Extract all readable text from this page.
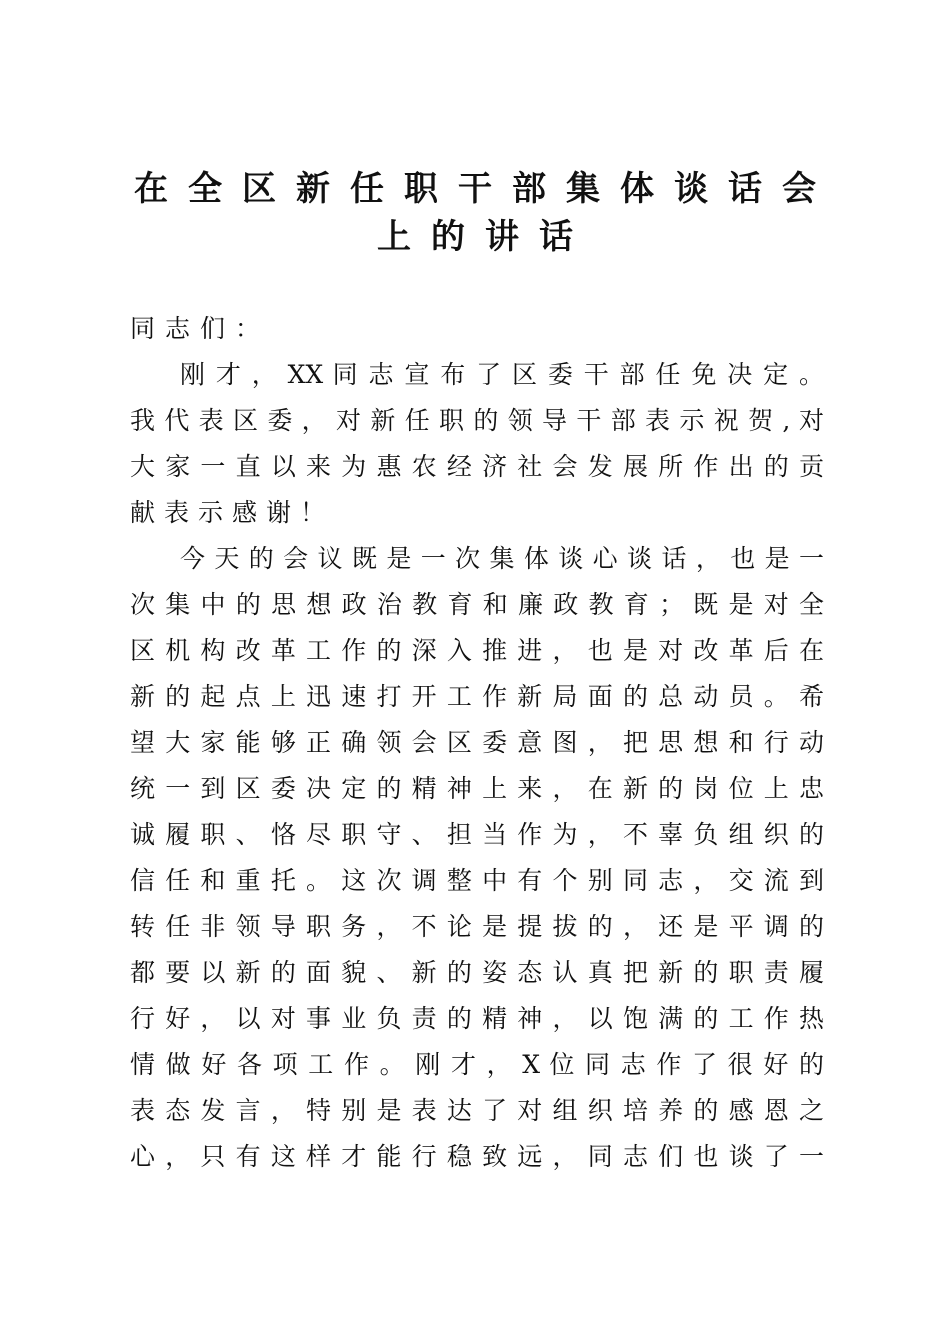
在全区新任职干部集体谈话会
上的讲话
同志们：
刚 才 ， XX 同 志 宣 布 了 区 委 干 部 任 免 决 定 。
我 代 表 区 委 ， 对 新 任 职 的 领 导 干 部 表 示 祝 贺 , 对
大 家 一 直 以 来 为 惠 农 经 济 社 会 发 展 所 作 出 的 贡
献表示感谢！
今 天 的 会 议 既 是 一 次 集 体 谈 心 谈 话 ， 也 是 一
次 集 中 的 思 想 政 治 教 育 和 廉 政 教 育 ； 既 是 对 全
区 机 构 改 革 工 作 的 深 入 推 进 ， 也 是 对 改 革 后 在
新 的 起 点 上 迅 速 打 开 工 作 新 局 面 的 总 动 员 。 希
望 大 家 能 够 正 确 领 会 区 委 意 图 ， 把 思 想 和 行 动
统 一 到 区 委 决 定 的 精 神 上 来 ， 在 新 的 岗 位 上 忠
诚 履 职 、 恪 尽 职 守 、 担 当 作 为 ， 不 辜 负 组 织 的
信 任 和 重 托 。 这 次 调 整 中 有 个 别 同 志 ， 交 流 到
转 任 非 领 导 职 务 ， 不 论 是 提 拔 的 ， 还 是 平 调 的
都 要 以 新 的 面 貌 、 新 的 姿 态 认 真 把 新 的 职 责 履
行 好 ， 以 对 事 业 负 责 的 精 神 ， 以 饱 满 的 工 作 热
情 做 好 各 项 工 作 。 刚 才 ， X 位 同 志 作 了 很 好 的
表 态 发 言 ， 特 别 是 表 达 了 对 组 织 培 养 的 感 恩 之
心 ， 只 有 这 样 才 能 行 稳 致 远 ， 同 志 们 也 谈 了 一
